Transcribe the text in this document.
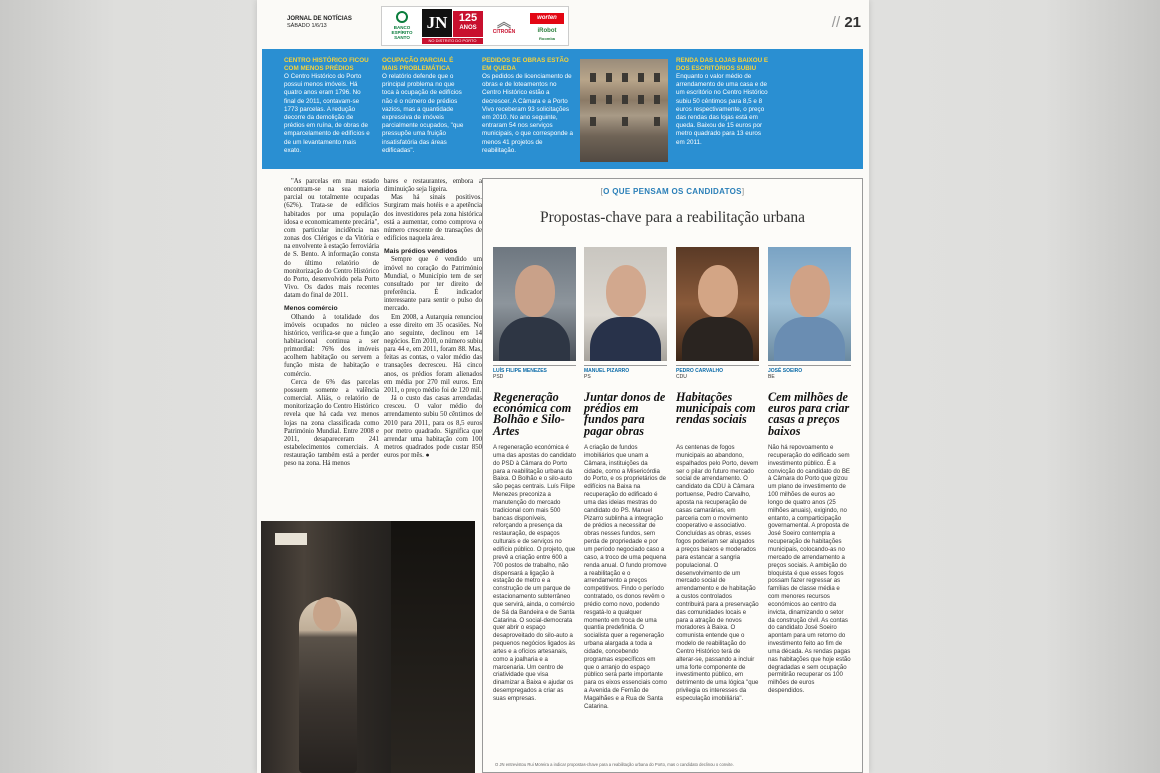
JORNAL DE NOTÍCIAS
SÁBADO 1/6/13	BANCO ESPÍRITO SANTO
JN	125
ANOS
NO DISTRITO DO PORTO
︽
CITROËN
worten
iRobot
Roomba
// 21
CENTRO HISTÓRICO FICOU COM MENOS PRÉDIOS
O Centro Histórico do Porto possui menos imóveis. Há quatro anos eram 1796. No final de 2011, contavam-se 1773 parcelas. A redução decorre da demolição de prédios em ruína, de obras de emparcelamento de edifícios e de um levantamento mais exato.
OCUPAÇÃO PARCIAL É MAIS PROBLEMÁTICA
O relatório defende que o principal problema no que toca à ocupação de edifícios não é o número de prédios vazios, mas a quantidade expressiva de imóveis parcialmente ocupados, "que pressupõe uma fruição insatisfatória das áreas edificadas".
PEDIDOS DE OBRAS ESTÃO EM QUEDA
Os pedidos de licenciamento de obras e de loteamentos no Centro Histórico estão a decrescer. A Câmara e a Porto Vivo receberam 93 solicitações em 2010. No ano seguinte, entraram 54 nos serviços municipais, o que corresponde a menos 41 projetos de reabilitação.
RENDA DAS LOJAS BAIXOU E DOS ESCRITÓRIOS SUBIU
Enquanto o valor médio de arrendamento de uma casa e de um escritório no Centro Histórico subiu 50 cêntimos para 8,5 e 8 euros respectivamente, o preço das rendas das lojas está em queda. Baixou de 15 euros por metro quadrado para 13 euros em 2011.

"As parcelas em mau estado encontram-se na sua maioria parcial ou totalmente ocupadas (62%). Trata-se de edifícios habitados por uma população idosa e economicamente precária", com particular incidência nas zonas dos Clérigos e da Vitória e na envolvente à estação ferroviária de S. Bento. A informação consta do último relatório de monitorização do Centro Histórico do Porto, desenvolvido pela Porto Vivo. Os dados mais recentes datam do final de 2011.

Menos comércio

Olhando à totalidade dos imóveis ocupados no núcleo histórico, verifica-se que a função habitacional continua a ser primordial: 76% dos imóveis acolhem habitação ou servem a função mista de habitação e comércio.

Cerca de 6% das parcelas possuem somente a valência comercial. Aliás, o relatório de monitorização do Centro Histórico revela que há cada vez menos lojas na zona classificada como Património Mundial. Entre 2008 e 2011, desapareceram 241 estabelecimentos comerciais. A restauração também está a perder peso na zona. Há menos

bares e restaurantes, embora a diminuição seja ligeira.

Mas há sinais positivos. Surgiram mais hotéis e a apetência dos investidores pela zona histórica está a aumentar, como comprova o número crescente de transações de edifícios naquela área.

Mais prédios vendidos

Sempre que é vendido um imóvel no coração do Património Mundial, o Município tem de ser consultado por ter direito de preferência. É indicador interessante para sentir o pulso do mercado.

Em 2008, a Autarquia renunciou a esse direito em 35 ocasiões. No ano seguinte, declinou em 14 negócios. Em 2010, o número subiu para 44 e, em 2011, foram 88. Mas, feitas as contas, o valor médio das transações decresceu. Há cinco anos, os prédios foram alienados em média por 270 mil euros. Em 2011, o preço médio foi de 120 mil.

Já o custo das casas arrendadas cresceu. O valor médio do arrendamento subiu 50 cêntimos de 2010 para 2011, para os 8,5 euros por metro quadrado. Significa que arrendar uma habitação com 100 metros quadrados pode custar 850 euros por mês. ●

[O QUE PENSAM OS CANDIDATOS]
Propostas-chave para a reabilitação urbana
LUÍS FILIPE MENEZES
PSD
Regeneração económica com Bolhão e Silo-Artes
A regeneração económica é uma das apostas do candidato do PSD à Câmara do Porto para a reabilitação urbana da Baixa. O Bolhão e o silo-auto são peças centrais. Luís Filipe Menezes preconiza a manutenção do mercado tradicional com mais 500 bancas disponíveis, reforçando a presença da restauração, de espaços culturais e de serviços no edifício público. O projeto, que prevê a criação entre 600 a 700 postos de trabalho, não dispensará a ligação à estação de metro e a construção de um parque de estacionamento subterrâneo que servirá, ainda, o comércio de Sá da Bandeira e de Santa Catarina. O social-democrata quer abrir o espaço desaproveitado do silo-auto a pequenos negócios ligados às artes e a ofícios artesanais, como a joalharia e a marcenaria. Um centro de criatividade que visa dinamizar a Baixa e ajudar os desempregados a criar as suas empresas.
MANUEL PIZARRO
PS
Juntar donos de prédios em fundos para pagar obras
A criação de fundos imobiliários que unam a Câmara, instituições da cidade, como a Misericórdia do Porto, e os proprietários de edifícios na Baixa na recuperação do edificado é uma das ideias mestras do candidato do PS. Manuel Pizarro sublinha a integração de prédios a necessitar de obras nesses fundos, sem perda de propriedade e por um período negociado caso a caso, a troco de uma pequena renda anual. O fundo promove a reabilitação e o arrendamento a preços competitivos. Findo o período contratado, os donos revêm o prédio como novo, podendo resgatá-lo a qualquer momento em troca de uma quantia predefinida. O socialista quer a regeneração urbana alargada a toda a cidade, concebendo programas específicos em que o arranjo do espaço público será parte importante para os eixos essenciais como a Avenida de Fernão de Magalhães e a Rua de Santa Catarina.
PEDRO CARVALHO
CDU
Habitações municipais com rendas sociais
As centenas de fogos municipais ao abandono, espalhados pelo Porto, devem ser o pilar do futuro mercado social de arrendamento. O candidato da CDU à Câmara portuense, Pedro Carvalho, aposta na recuperação de casas camarárias, em parceria com o movimento cooperativo e associativo. Concluídas as obras, esses fogos poderiam ser alugados a preços baixos e moderados para estancar a sangria populacional. O desenvolvimento de um mercado social de arrendamento e de habitação a custos controlados contribuirá para a preservação das comunidades locais e para a atração de novos moradores à Baixa. O comunista entende que o modelo de reabilitação do Centro Histórico terá de alterar-se, passando a incluir uma forte componente de investimento público, em detrimento de uma lógica "que privilegia os interesses da especulação imobiliária".
JOSÉ SOEIRO
BE
Cem milhões de euros para criar casas a preços baixos
Não há repovoamento e recuperação do edificado sem investimento público. É a convicção do candidato do BE à Câmara do Porto que gizou um plano de investimento de 100 milhões de euros ao longo de quatro anos (25 milhões anuais), exigindo, no entanto, a comparticipação governamental. A proposta de José Soeiro contempla a recuperação de habitações municipais, colocando-as no mercado de arrendamento a preços sociais. A ambição do bloquista é que esses fogos possam fazer regressar as famílias de classe média e com menores recursos económicos ao centro da invicta, dinamizando o setor da construção civil. As contas do candidato José Soeiro apontam para um retorno do investimento feito ao fim de uma década. As rendas pagas nas habitações que hoje estão degradadas e sem ocupação permitirão recuperar os 100 milhões de euros despendidos.
O JN entrevistou Rui Moreira a indicar propostas-chave para a reabilitação urbana do Porto, mas o candidato declinou o convite.
